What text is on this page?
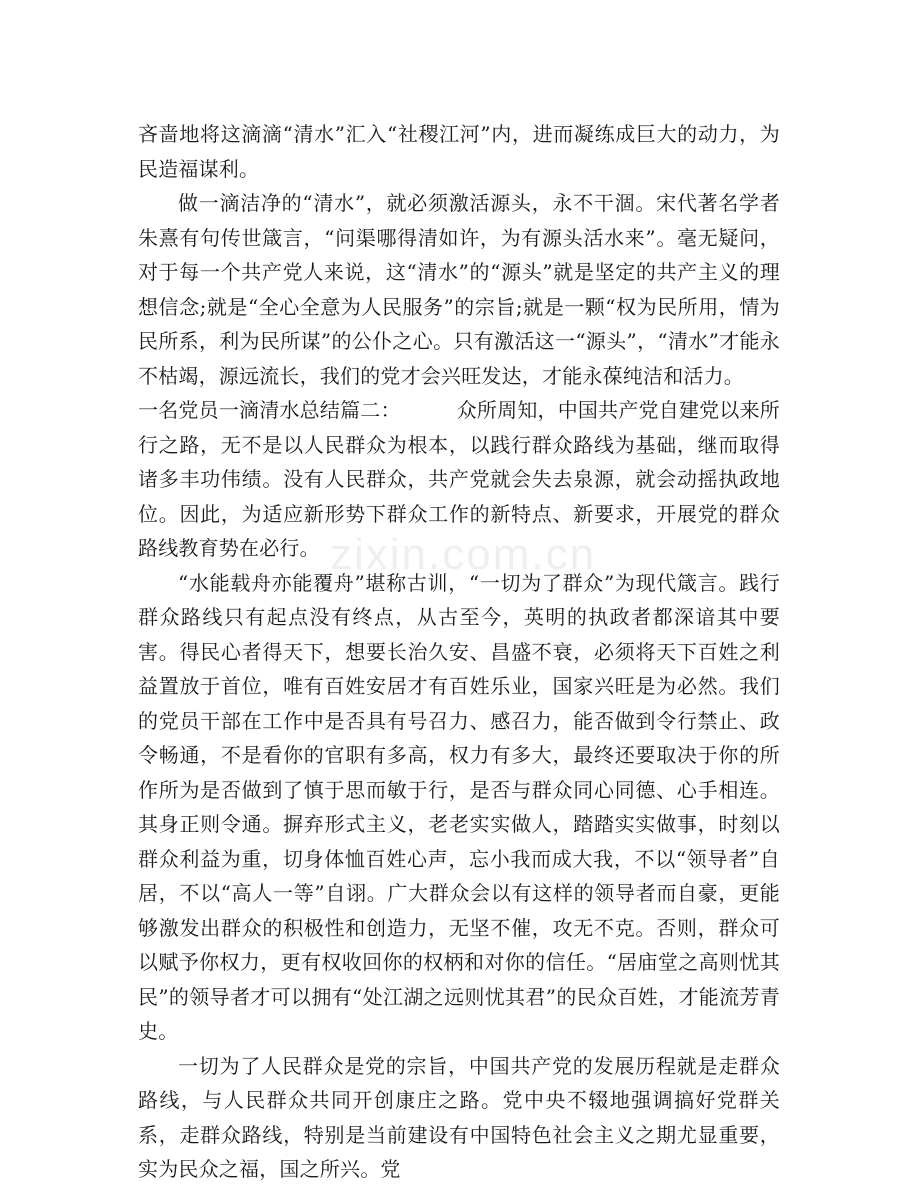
吝啬地将这滴滴“清水”汇入“社稷江河”内，进而凝练成巨大的动力，为民造福谋利。

做一滴洁净的“清水”，就必须激活源头，永不干涸。宋代著名学者朱熹有句传世箴言，“问渠哪得清如许，为有源头活水来”。毫无疑问，对于每一个共产党人来说，这“清水”的“源头”就是坚定的共产主义的理想信念;就是“全心全意为人民服务”的宗旨;就是一颗“权为民所用，情为民所系，利为民所谋”的公仆之心。只有激活这一“源头”，“清水”才能永不枯竭，源远流长，我们的党才会兴旺发达，才能永葆纯洁和活力。

一名党员一滴清水总结篇二：	众所周知，中国共产党自建党以来所行之路，无不是以人民群众为根本，以践行群众路线为基础，继而取得诸多丰功伟绩。没有人民群众，共产党就会失去泉源，就会动摇执政地位。因此，为适应新形势下群众工作的新特点、新要求，开展党的群众路线教育势在必行。

“水能载舟亦能覆舟”堪称古训，“一切为了群众”为现代箴言。践行群众路线只有起点没有终点，从古至今，英明的执政者都深谙其中要害。得民心者得天下，想要长治久安、昌盛不衰，必须将天下百姓之利益置放于首位，唯有百姓安居才有百姓乐业，国家兴旺是为必然。我们的党员干部在工作中是否具有号召力、感召力，能否做到令行禁止、政令畅通，不是看你的官职有多高，权力有多大，最终还要取决于你的所作所为是否做到了慎于思而敏于行，是否与群众同心同德、心手相连。其身正则令通。摒弃形式主义，老老实实做人，踏踏实实做事，时刻以群众利益为重，切身体恤百姓心声，忘小我而成大我，不以“领导者”自居，不以“高人一等”自诩。广大群众会以有这样的领导者而自豪，更能够激发出群众的积极性和创造力，无坚不催，攻无不克。否则，群众可以赋予你权力，更有权收回你的权柄和对你的信任。“居庙堂之高则忧其民”的领导者才可以拥有“处江湖之远则忧其君”的民众百姓，才能流芳青史。

一切为了人民群众是党的宗旨，中国共产党的发展历程就是走群众路线，与人民群众共同开创康庄之路。党中央不辍地强调搞好党群关系，走群众路线，特别是当前建设有中国特色社会主义之期尤显重要，实为民众之福，国之所兴。党

zixin.com.cn
